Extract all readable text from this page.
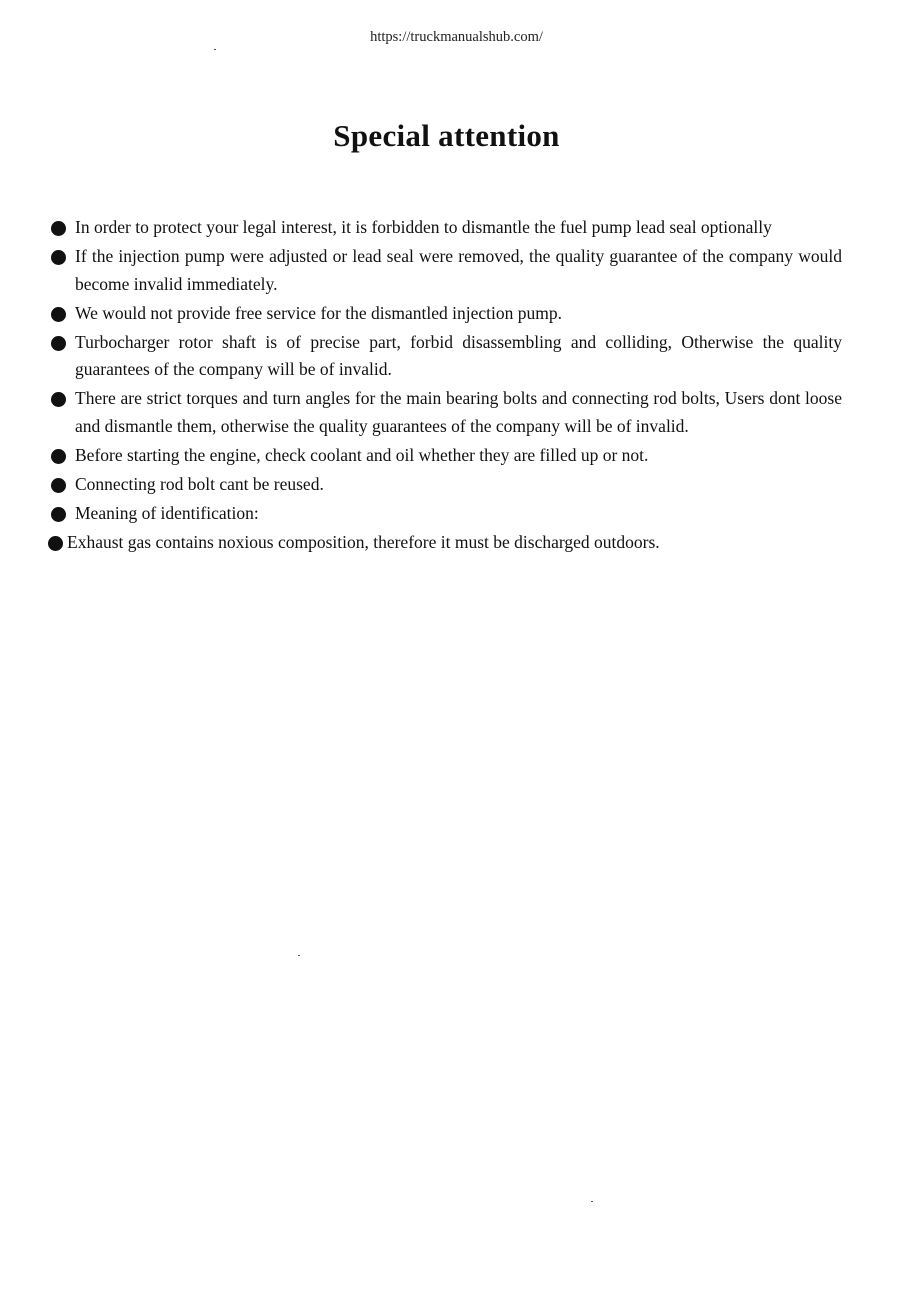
https://truckmanualshub.com/
Special attention
In order to protect your legal interest, it is forbidden to dismantle the fuel pump lead seal optionally
If the injection pump were adjusted or lead seal were removed, the quality guarantee of the company would become invalid immediately.
We would not provide free service for the dismantled injection pump.
Turbocharger rotor shaft is of precise part, forbid disassembling and colliding, Otherwise the quality guarantees of the company will be of invalid.
There are strict torques and turn angles for the main bearing bolts and connecting rod bolts, Users dont loose and dismantle them, otherwise the quality guarantees of the company will be of invalid.
Before starting the engine, check coolant and oil whether they are filled up or not.
Connecting rod bolt cant be reused.
Meaning of identification:
Exhaust gas contains noxious composition, therefore it must be discharged outdoors.
